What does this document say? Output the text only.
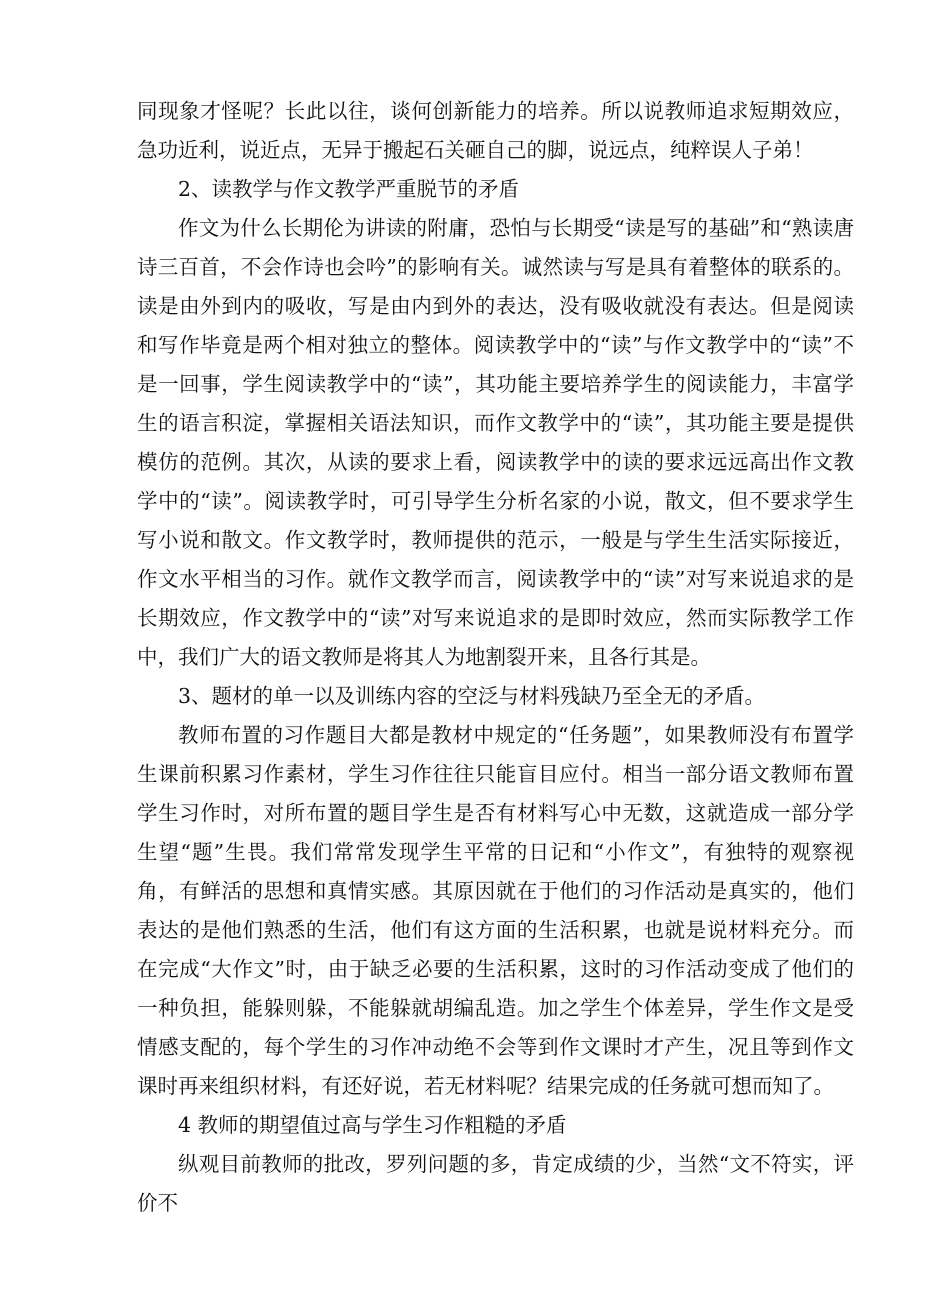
同现象才怪呢？长此以往，谈何创新能力的培养。所以说教师追求短期效应，急功近利，说近点，无异于搬起石关砸自己的脚，说远点，纯粹误人子弟！

2、读教学与作文教学严重脱节的矛盾

作文为什么长期伦为讲读的附庸，恐怕与长期受“读是写的基础”和“熟读唐诗三百首，不会作诗也会吟”的影响有关。诚然读与写是具有着整体的联系的。读是由外到内的吸收，写是由内到外的表达，没有吸收就没有表达。但是阅读和写作毕竟是两个相对独立的整体。阅读教学中的“读”与作文教学中的“读”不是一回事，学生阅读教学中的“读”，其功能主要培养学生的阅读能力，丰富学生的语言积淀，掌握相关语法知识，而作文教学中的“读”，其功能主要是提供模仿的范例。其次，从读的要求上看，阅读教学中的读的要求远远高出作文教学中的“读”。阅读教学时，可引导学生分析名家的小说，散文，但不要求学生写小说和散文。作文教学时，教师提供的范示，一般是与学生生活实际接近，作文水平相当的习作。就作文教学而言，阅读教学中的“读”对写来说追求的是长期效应，作文教学中的“读”对写来说追求的是即时效应，然而实际教学工作中，我们广大的语文教师是将其人为地割裂开来，且各行其是。

3、题材的单一以及训练内容的空泛与材料残缺乃至全无的矛盾。

教师布置的习作题目大都是教材中规定的“任务题”，如果教师没有布置学生课前积累习作素材，学生习作往往只能盲目应付。相当一部分语文教师布置学生习作时，对所布置的题目学生是否有材料写心中无数，这就造成一部分学生望“题”生畏。我们常常发现学生平常的日记和“小作文”，有独特的观察视角，有鲜活的思想和真情实感。其原因就在于他们的习作活动是真实的，他们表达的是他们熟悉的生活，他们有这方面的生活积累，也就是说材料充分。而在完成“大作文”时，由于缺乏必要的生活积累，这时的习作活动变成了他们的一种负担，能躲则躲，不能躲就胡编乱造。加之学生个体差异，学生作文是受情感支配的，每个学生的习作冲动绝不会等到作文课时才产生，况且等到作文课时再来组织材料，有还好说，若无材料呢？结果完成的任务就可想而知了。

4 教师的期望值过高与学生习作粗糙的矛盾

纵观目前教师的批改，罗列问题的多，肯定成绩的少，当然“文不符实，评价不
